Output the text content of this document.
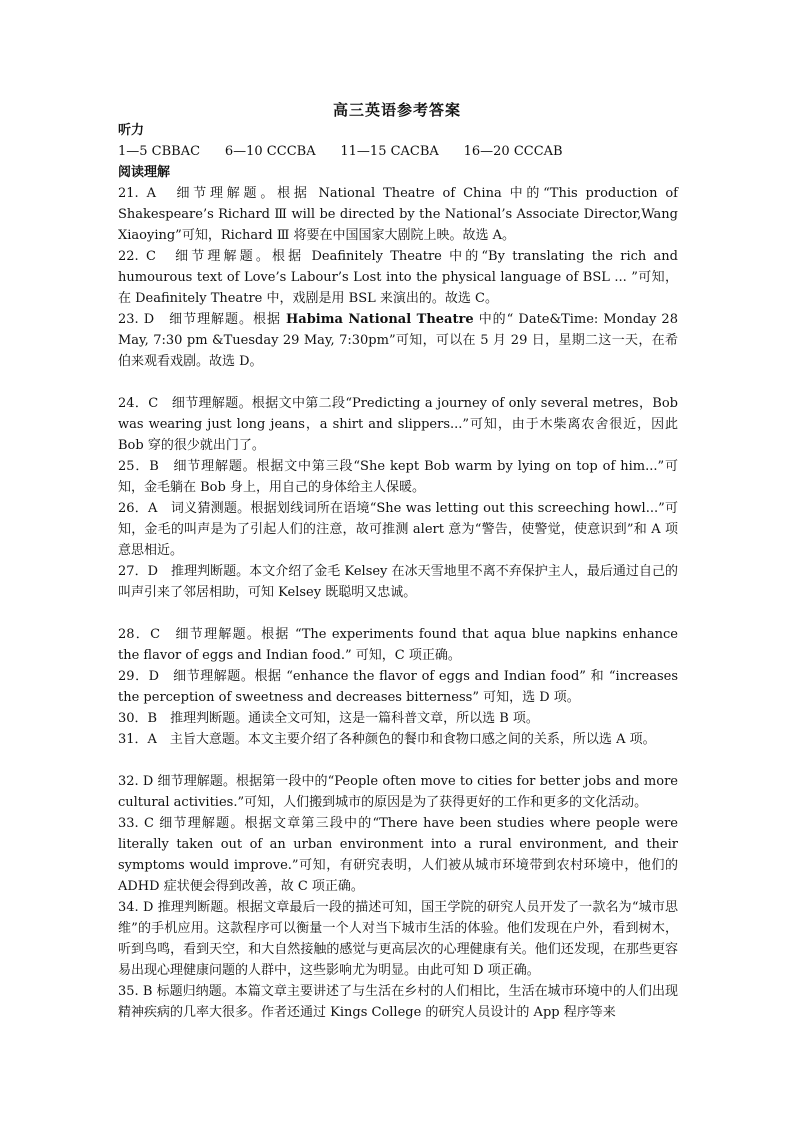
高三英语参考答案

听力

1—5 CBBAC      6—10 CCCBA      11—15 CACBA      16—20 CCCAB

阅读理解

21. A　细节理解题。根据 National Theatre of China 中的“This production of Shakespeare’s Richard Ⅲ will be directed by the National’s Associate Director,Wang Xiaoying”可知，Richard Ⅲ 将要在中国国家大剧院上映。故选 A。

22. C　细节理解题。根据 Deafinitely Theatre 中的“By translating the rich and humourous text of Love’s Labour’s Lost into the physical language of BSL ... ”可知，在 Deafinitely Theatre 中，戏剧是用 BSL 来演出的。故选 C。

23. D　细节理解题。根据 Habima National Theatre 中的“ Date&Time: Monday 28 May, 7:30 pm &Tuesday 29 May, 7:30pm”可知，可以在 5 月 29 日，星期二这一天，在希伯来观看戏剧。故选 D。

24．C　细节理解题。根据文中第二段“Predicting a journey of only several metres，Bob was wearing just long jeans，a shirt and slippers...”可知，由于木柴离农舍很近，因此 Bob 穿的很少就出门了。

25．B　细节理解题。根据文中第三段“She kept Bob warm by lying on top of him...”可知，金毛躺在 Bob 身上，用自己的身体给主人保暖。

26．A　词义猜测题。根据划线词所在语境“She was letting out this screeching howl...”可知，金毛的叫声是为了引起人们的注意，故可推测 alert 意为“警告，使警觉，使意识到”和 A 项意思相近。

27．D　推理判断题。本文介绍了金毛 Kelsey 在冰天雪地里不离不弃保护主人，最后通过自己的叫声引来了邻居相助，可知 Kelsey 既聪明又忠诚。

28．C　细节理解题。根据 “The experiments found that aqua blue napkins enhance the flavor of eggs and Indian food.” 可知，C 项正确。

29．D　细节理解题。根据 “enhance the flavor of eggs and Indian food” 和 “increases the perception of sweetness and decreases bitterness” 可知，选 D 项。

30．B　推理判断题。通读全文可知，这是一篇科普文章，所以选 B 项。

31．A　主旨大意题。本文主要介绍了各种颜色的餐巾和食物口感之间的关系，所以选 A 项。

32. D 细节理解题。根据第一段中的“People often move to cities for better jobs and more cultural activities.”可知，人们搬到城市的原因是为了获得更好的工作和更多的文化活动。

33. C 细节理解题。根据文章第三段中的“There have been studies where people were literally taken out of an urban environment into a rural environment, and their symptoms would improve.”可知，有研究表明，人们被从城市环境带到农村环境中，他们的 ADHD 症状便会得到改善，故 C 项正确。

34. D 推理判断题。根据文章最后一段的描述可知，国王学院的研究人员开发了一款名为“城市思维”的手机应用。这款程序可以衡量一个人对当下城市生活的体验。他们发现在户外，看到树木，听到鸟鸣，看到天空，和大自然接触的感觉与更高层次的心理健康有关。他们还发现，在那些更容易出现心理健康问题的人群中，这些影响尤为明显。由此可知 D 项正确。

35. B 标题归纳题。本篇文章主要讲述了与生活在乡村的人们相比，生活在城市环境中的人们出现精神疾病的几率大很多。作者还通过 Kings College 的研究人员设计的 App 程序等来
